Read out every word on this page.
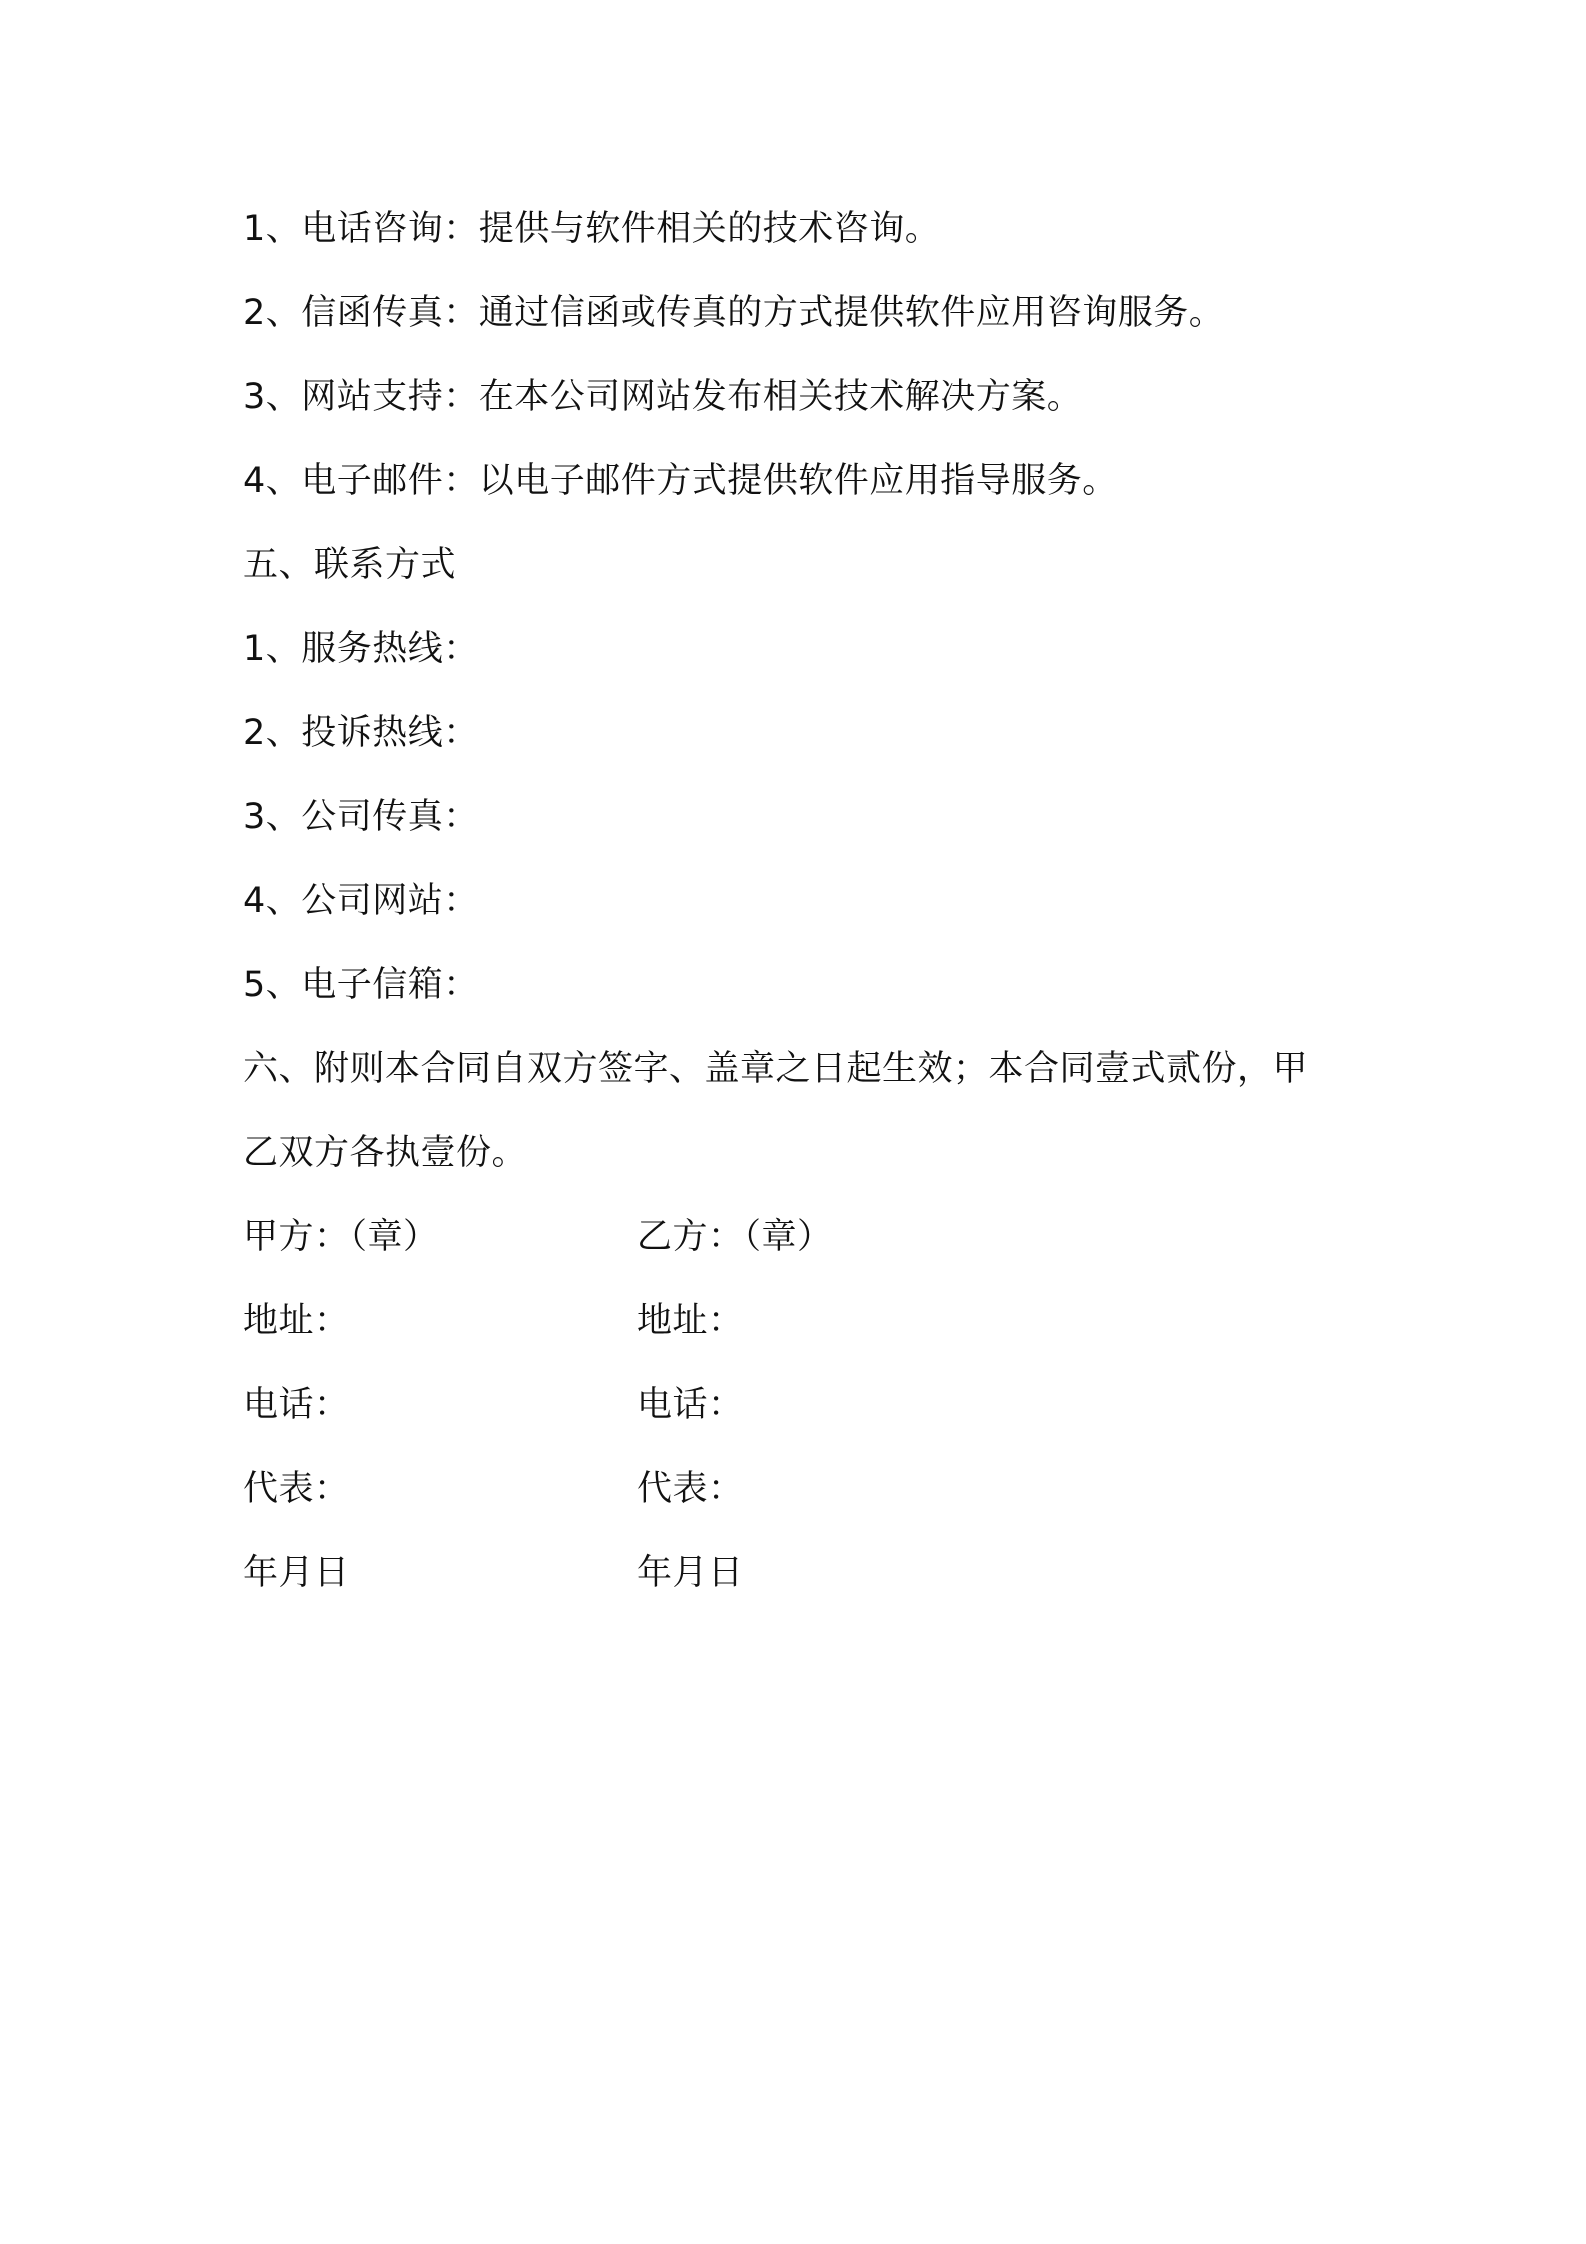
1、电话咨询：提供与软件相关的技术咨询。
2、信函传真：通过信函或传真的方式提供软件应用咨询服务。
3、网站支持：在本公司网站发布相关技术解决方案。
4、电子邮件：以电子邮件方式提供软件应用指导服务。
五、联系方式
1、服务热线：
2、投诉热线：
3、公司传真：
4、公司网站：
5、电子信箱：
六、附则本合同自双方签字、盖章之日起生效；本合同壹式贰份，甲
乙双方各执壹份。
甲方：（章）	乙方：（章）
地址：	地址：
电话：	电话：
代表：	代表：
年月日	年月日
